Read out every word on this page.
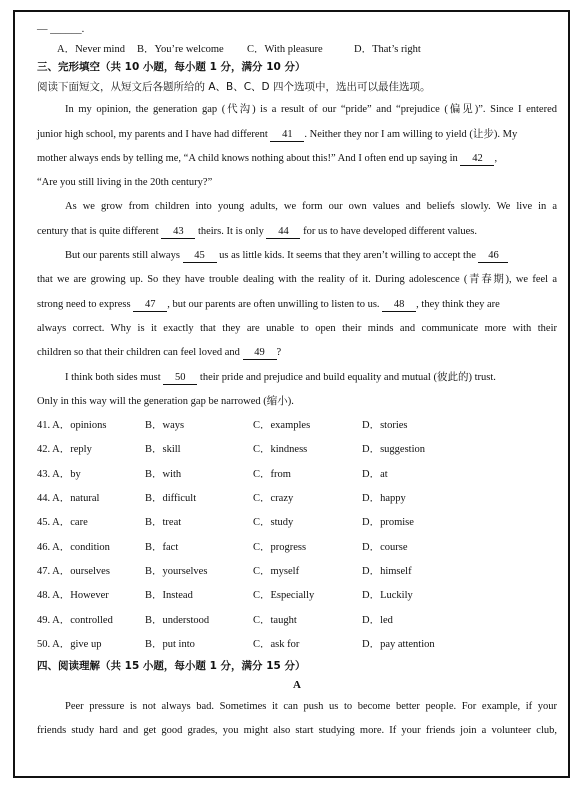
— ______.
A．Never mind	B．You’re welcome	C．With pleasure	D．That’s right
三、完形填空（共 10 小题，每小题 1 分，满分 10 分）
阅读下面短文，从短文后各题所给的 A、B、C、D 四个选项中，选出可以最佳选项。
In my opinion, the generation gap (代沟) is a result of our “pride” and “prejudice (偏见)”. Since I entered
junior high school, my parents and I have had different 41 . Neither they nor I am willing to yield (让步). My
mother always ends by telling me, “A child knows nothing about this!” And I often end up saying in 42 ,
“Are you still living in the 20th century?”
As we grow from children into young adults, we form our own values and beliefs slowly. We live in a
century that is quite different 43 theirs. It is only 44 for us to have developed different values.
But our parents still always 45 us as little kids. It seems that they aren’t willing to accept the 46
that we are growing up. So they have trouble dealing with the reality of it. During adolescence (青春期), we feel a
strong need to express 47 , but our parents are often unwilling to listen to us. 48 , they think they are
always correct. Why is it exactly that they are unable to open their minds and communicate more with their
children so that their children can feel loved and 49 ?
I think both sides must 50 their pride and prejudice and build equality and mutual (彼此的) trust.
Only in this way will the generation gap be narrowed (缩小).
41. A．opinions	B．ways	C．examples	D．stories
42. A．reply	B．skill	C．kindness	D．suggestion
43. A．by	B．with	C．from	D．at
44. A．natural	B．difficult	C．crazy	D．happy
45. A．care	B．treat	C．study	D．promise
46. A．condition	B．fact	C．progress	D．course
47. A．ourselves	B．yourselves	C．myself	D．himself
48. A．However	B．Instead	C．Especially	D．Luckily
49. A．controlled	B．understood	C．taught	D．led
50. A．give up	B．put into	C．ask for	D．pay attention
四、阅读理解（共 15 小题，每小题 1 分，满分 15 分）
A
Peer pressure is not always bad. Sometimes it can push us to become better people. For example, if your
friends study hard and get good grades, you might also start studying more. If your friends join a volunteer club,
